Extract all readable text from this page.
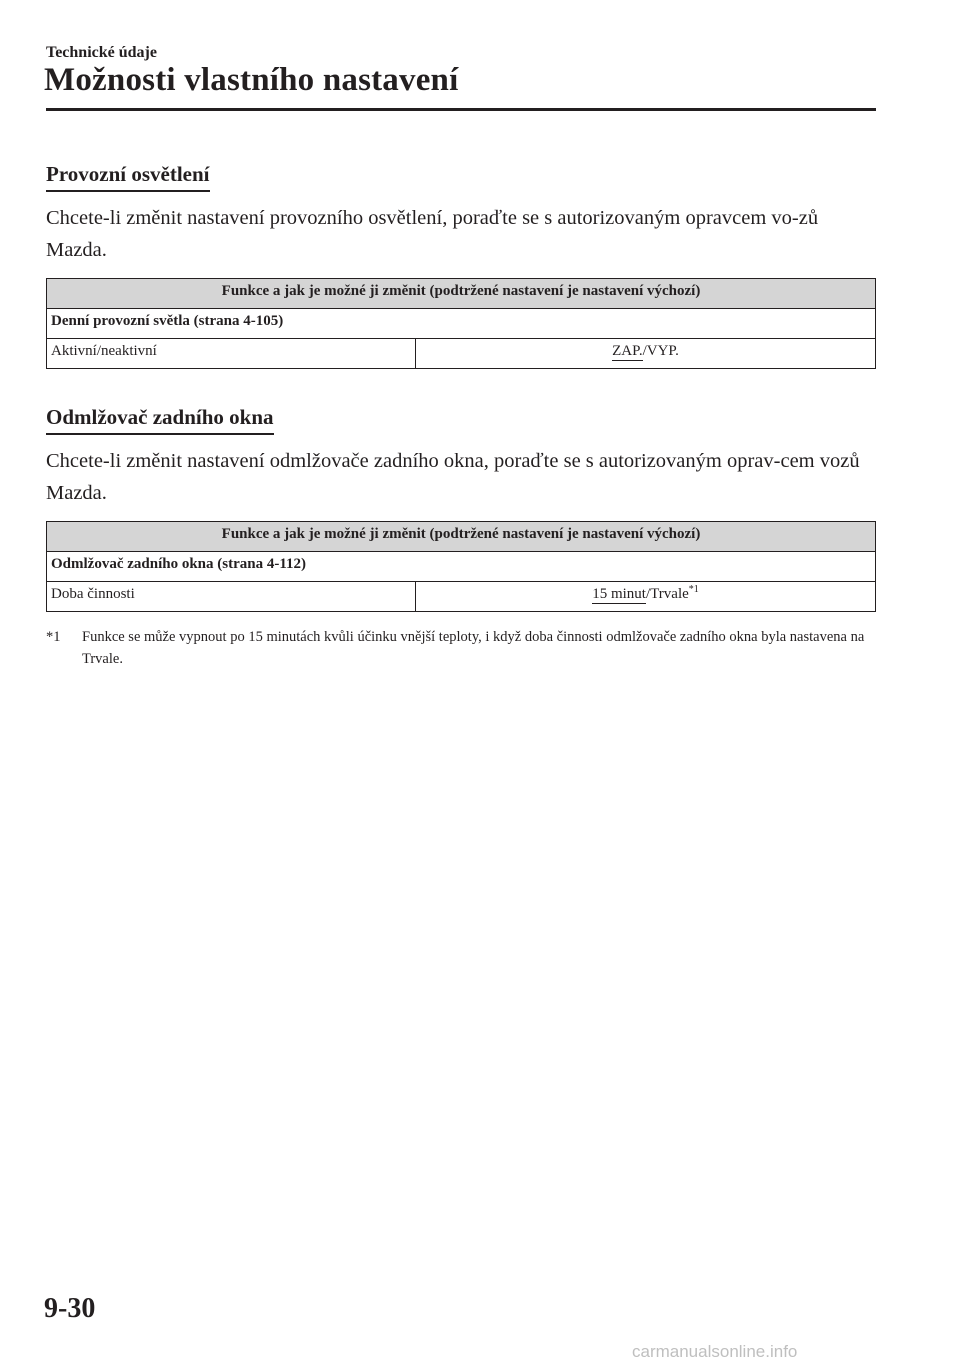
Technické údaje
Možnosti vlastního nastavení
Provozní osvětlení

Chcete-li změnit nastavení provozního osvětlení, poraďte se s autorizovaným opravcem vo-zů Mazda.

Funkce a jak je možné ji změnit (podtržené nastavení je nastavení výchozí)
Denní provozní světla (strana 4-105)
Aktivní/neaktivní	ZAP./VYP.
Odmlžovač zadního okna

Chcete-li změnit nastavení odmlžovače zadního okna, poraďte se s autorizovaným oprav-cem vozů Mazda.

Funkce a jak je možné ji změnit (podtržené nastavení je nastavení výchozí)
Odmlžovač zadního okna (strana 4-112)
Doba činnosti	15 minut/Trvale$^{*1}$
*1 Funkce se může vypnout po 15 minutách kvůli účinku vnější teploty, i když doba činnosti odmlžovače zadního okna byla nastavena na Trvale.
9-30
carmanualsonline.info
